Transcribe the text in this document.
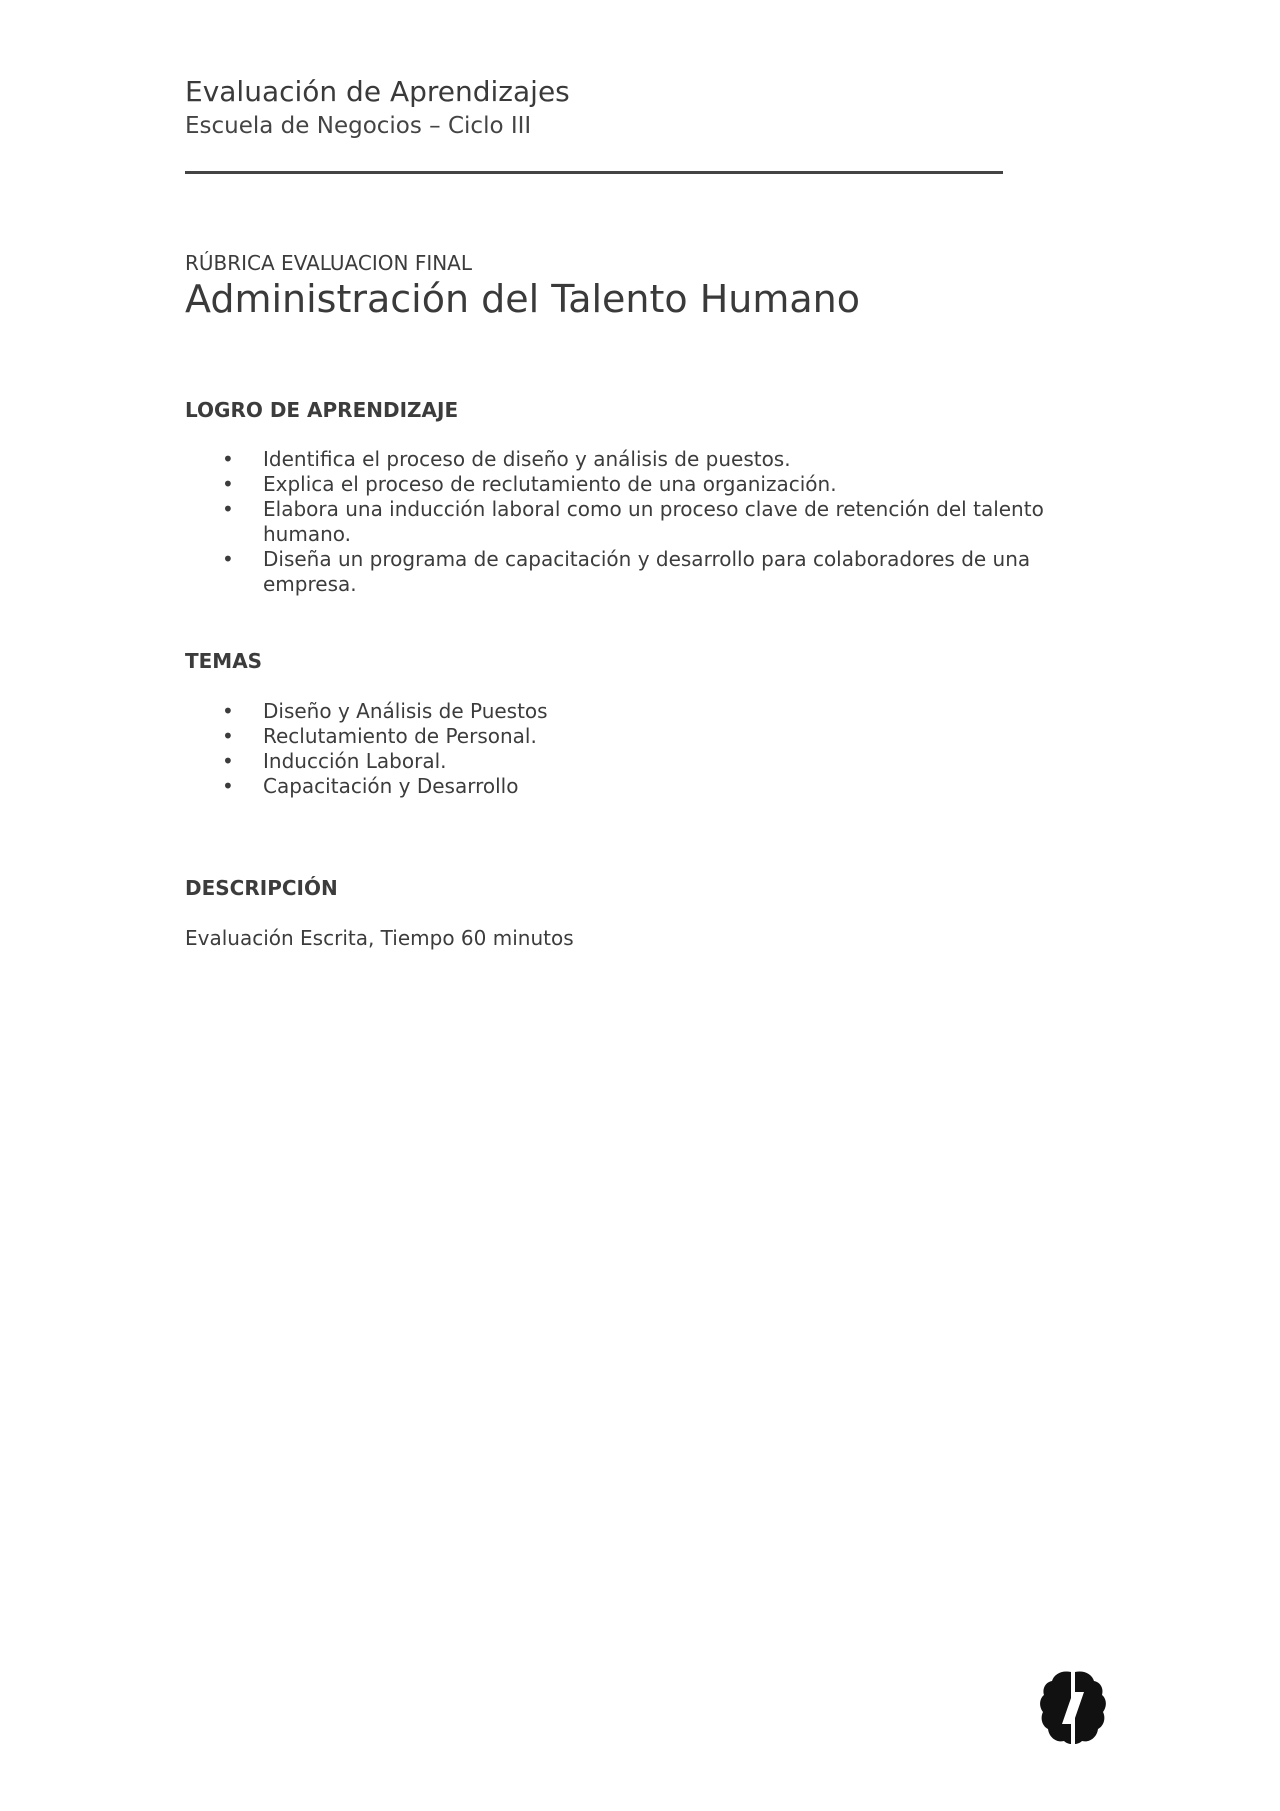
Evaluación de Aprendizajes
Escuela de Negocios – Ciclo III
RÚBRICA EVALUACION FINAL
Administración del Talento Humano
LOGRO DE APRENDIZAJE
• Identifica el proceso de diseño y análisis de puestos.
• Explica el proceso de reclutamiento de una organización.
• Elabora una inducción laboral como un proceso clave de retención del talento humano.
• Diseña un programa de capacitación y desarrollo para colaboradores de una empresa.
TEMAS
• Diseño y Análisis de Puestos
• Reclutamiento de Personal.
• Inducción Laboral.
• Capacitación y Desarrollo
DESCRIPCIÓN
Evaluación Escrita, Tiempo 60 minutos
